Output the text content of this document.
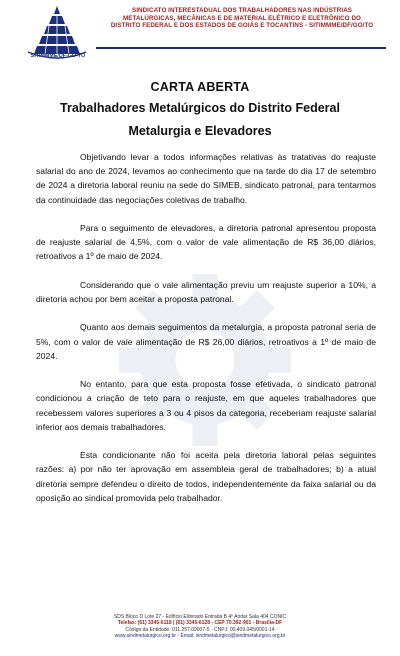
SITIMMME/DF-GO-TO
SINDICATO INTERESTADUAL DOS TRABALHADORES NAS INDÚSTRIAS
METALÚRGICAS, MECÂNICAS E DE MATERIAL ELÉTRICO E ELETRÔNICO DO
DISTRITO FEDERAL E DOS ESTADOS DE GOIÁS E TOCANTINS - SITIMMME/DF/GO/TO
CARTA ABERTA
Trabalhadores Metalúrgicos do Distrito Federal
Metalurgia e Elevadores

Objetivando levar a todos informações relativas às tratativas do reajuste salarial do ano de 2024, levamos ao conhecimento que na tarde do dia 17 de setembro de 2024 a diretoria laboral reuniu na sede do SIMEB, sindicato patronal, para tentarmos da continuidade das negociações coletivas de trabalho.

Para o seguimento de elevadores, a diretoria patronal apresentou proposta de reajuste salarial de 4,5%, com o valor de vale alimentação de R$ 36,00 diários, retroativos a 1º de maio de 2024.

Considerando que o vale alimentação previu um reajuste superior a 10%, a diretoria achou por bem aceitar a proposta patronal.

Quanto aos demais seguimentos da metalurgia, a proposta patronal seria de 5%, com o valor de vale alimentação de R$ 26,00 diários, retroativos a 1º de maio de 2024.

No entanto, para que esta proposta fosse efetivada, o sindicato patronal condicionou a criação de teto para o reajuste, em que aqueles trabalhadores que recebessem valores superiores a 3 ou 4 pisos da categoria, receberiam reajuste salarial inferior aos demais trabalhadores.

Esta condicionante não foi aceita pela diretoria laboral pelas seguintes razões: a) por não ter aprovação em assembleia geral de trabalhadores; b) a atual diretoria sempre defendeu o direito de todos, independentemente da faixa salarial ou da oposição ao sindical promovida pelo trabalhador.

SDS Bloco D Lote 27 - Edifício Eldorado Entrada B 4º Andar Sala 404 CONIC
Telefax: (61) 3345-6118 | (61) 3345-6128 - CEP 70.392-901 - Brasília-DF
Código da Entidade: 011.257.09007-5 - CNPJ: 00.409.045/0001-14
www.sindmetalurgico.org.br - Email: sindmetalurgico@sindmetalurgico.org.br
